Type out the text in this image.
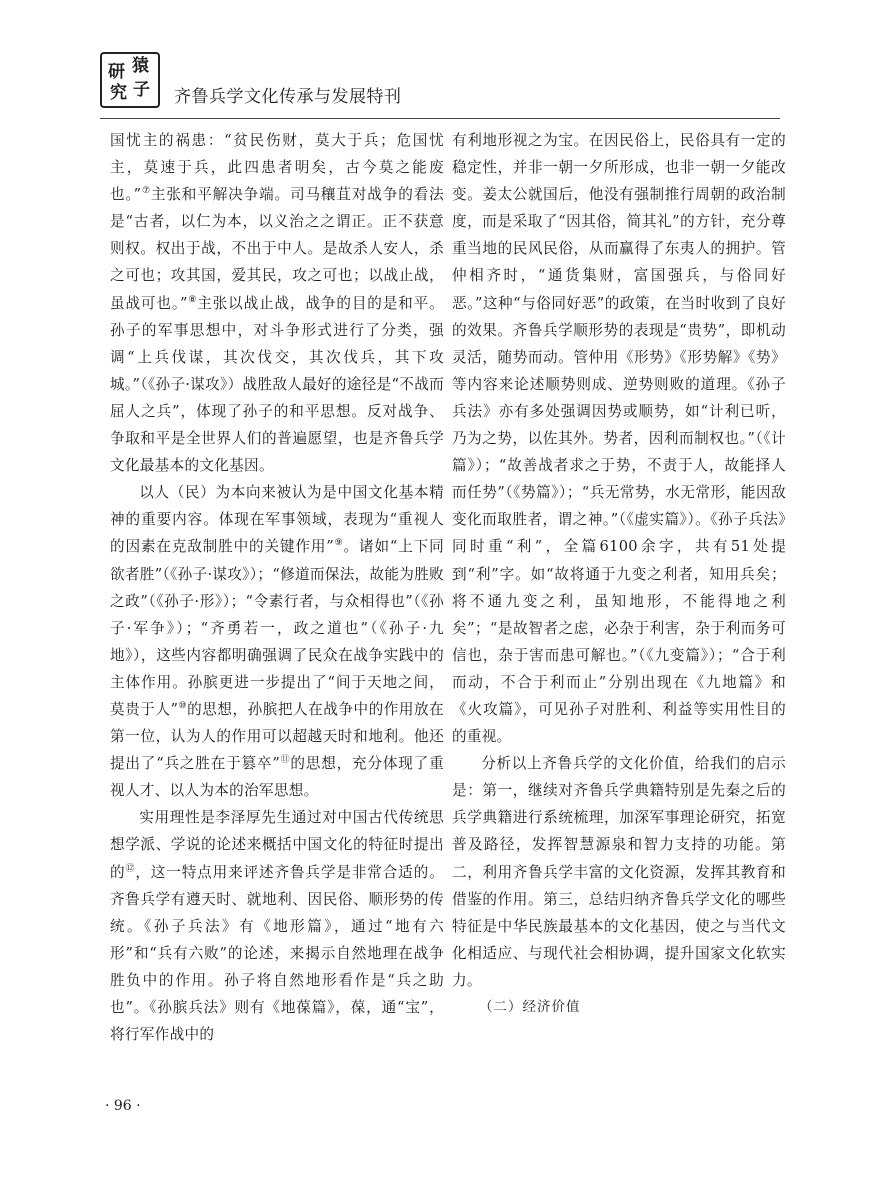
研 猿
究 子 齐鲁兵学文化传承与发展特刊

国忧主的祸患：“贫民伤财，莫大于兵；危国忧主，莫速于兵，此四患者明矣，古今莫之能废也。”⑦主张和平解决争端。司马穰苴对战争的看法是“古者，以仁为本，以义治之之谓正。正不获意则权。权出于战，不出于中人。是故杀人安人，杀之可也；攻其国，爱其民，攻之可也；以战止战，虽战可也。”⑧主张以战止战，战争的目的是和平。孙子的军事思想中，对斗争形式进行了分类，强调“上兵伐谋，其次伐交，其次伐兵，其下攻城。”（《孙子·谋攻》）战胜敌人最好的途径是“不战而屈人之兵”，体现了孙子的和平思想。反对战争、争取和平是全世界人们的普遍愿望，也是齐鲁兵学文化最基本的文化基因。

以人（民）为本向来被认为是中国文化基本精神的重要内容。体现在军事领域，表现为“重视人的因素在克敌制胜中的关键作用”⑨。诸如“上下同欲者胜”（《孙子·谋攻》）；“修道而保法，故能为胜败之政”（《孙子·形》）；“令素行者，与众相得也”（《孙子·军争》）；“齐勇若一，政之道也”（《孙子·九地》），这些内容都明确强调了民众在战争实践中的主体作用。孙膑更进一步提出了“间于天地之间，莫贵于人”⑩的思想，孙膑把人在战争中的作用放在第一位，认为人的作用可以超越天时和地利。他还提出了“兵之胜在于篡卒”⑪的思想，充分体现了重视人才、以人为本的治军思想。

实用理性是李泽厚先生通过对中国古代传统思想学派、学说的论述来概括中国文化的特征时提出的⑫，这一特点用来评述齐鲁兵学是非常合适的。齐鲁兵学有遵天时、就地利、因民俗、顺形势的传统。《孙子兵法》有《地形篇》，通过“地有六形”和“兵有六败”的论述，来揭示自然地理在战争胜负中的作用。孙子将自然地形看作是“兵之助也”。《孙膑兵法》则有《地葆篇》，葆，通“宝”，将行军作战中的

有利地形视之为宝。在因民俗上，民俗具有一定的稳定性，并非一朝一夕所形成，也非一朝一夕能改变。姜太公就国后，他没有强制推行周朝的政治制度，而是采取了“因其俗，简其礼”的方针，充分尊重当地的民风民俗，从而赢得了东夷人的拥护。管仲相齐时，“通货集财，富国强兵，与俗同好恶。”这种“与俗同好恶”的政策，在当时收到了良好的效果。齐鲁兵学顺形势的表现是“贵势”，即机动灵活，随势而动。管仲用《形势》《形势解》《势》等内容来论述顺势则成、逆势则败的道理。《孙子兵法》亦有多处强调因势或顺势，如“计利已听，乃为之势，以佐其外。势者，因利而制权也。”（《计篇》）；“故善战者求之于势，不责于人，故能择人而任势”（《势篇》）；“兵无常势，水无常形，能因敌变化而取胜者，谓之神。”（《虚实篇》）。《孙子兵法》同时重“利”，全篇6100余字，共有51处提到“利”字。如“故将通于九变之利者，知用兵矣；将不通九变之利，虽知地形，不能得地之利矣”；“是故智者之虑，必杂于利害，杂于利而务可信也，杂于害而患可解也。”（《九变篇》）；“合于利而动，不合于利而止”分别出现在《九地篇》和《火攻篇》，可见孙子对胜利、利益等实用性目的的重视。

分析以上齐鲁兵学的文化价值，给我们的启示是：第一，继续对齐鲁兵学典籍特别是先秦之后的兵学典籍进行系统梳理，加深军事理论研究，拓宽普及路径，发挥智慧源泉和智力支持的功能。第二，利用齐鲁兵学丰富的文化资源，发挥其教育和借鉴的作用。第三，总结归纳齐鲁兵学文化的哪些特征是中华民族最基本的文化基因，使之与当代文化相适应、与现代社会相协调，提升国家文化软实力。

（二）经济价值

· 96 ·
